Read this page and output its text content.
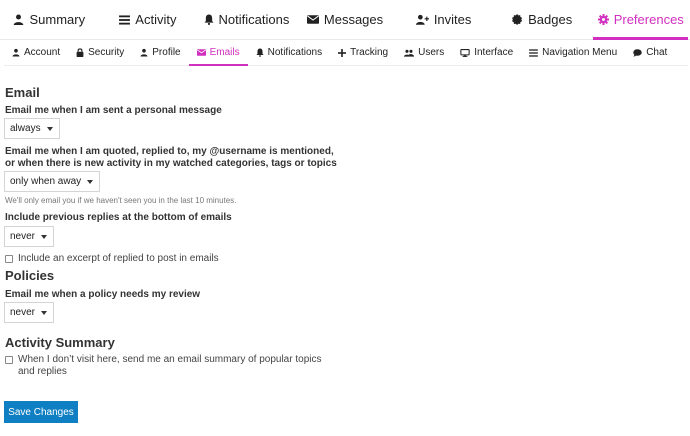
Summary	Activity	Notifications	Messages	Invites	Badges	Preferences
Account	Security	Profile	Emails	Notifications	Tracking	Users	Interface	Navigation Menu	Chat
Email
Email me when I am sent a personal message
always
Email me when I am quoted, replied to, my @username is mentioned,
or when there is new activity in my watched categories, tags or topics
only when away
We'll only email you if we haven't seen you in the last 10 minutes.
Include previous replies at the bottom of emails
never
Include an excerpt of replied to post in emails
Policies
Email me when a policy needs my review
never
Activity Summary
When I don’t visit here, send me an email summary of popular topics
and replies
Save Changes
